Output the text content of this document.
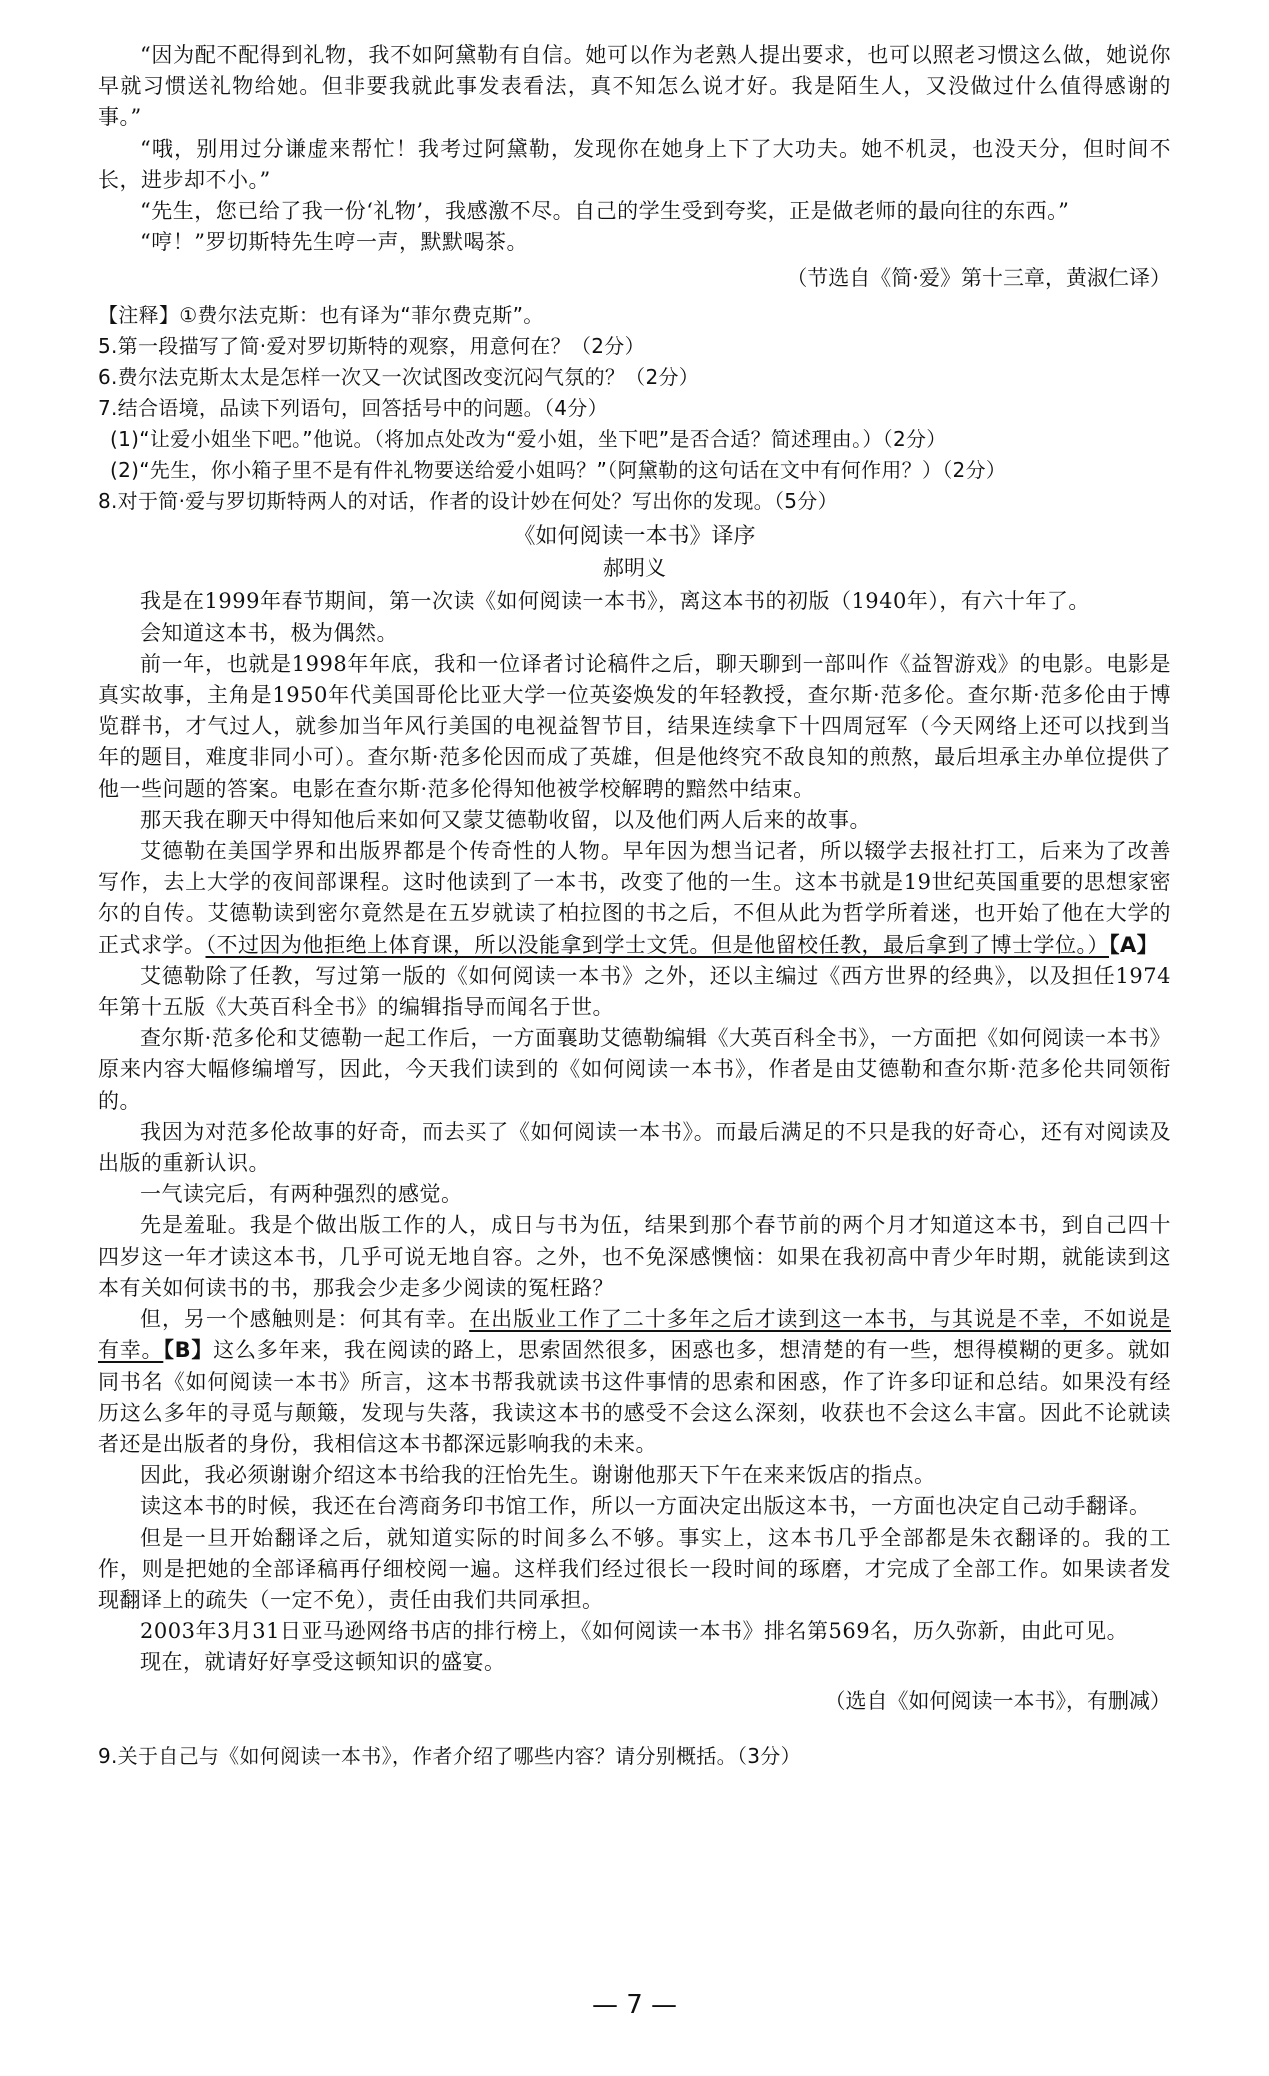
“因为配不配得到礼物，我不如阿黛勒有自信。她可以作为老熟人提出要求，也可以照老习惯这么做，她说你早就习惯送礼物给她。但非要我就此事发表看法，真不知怎么说才好。我是陌生人，又没做过什么值得感谢的事。”

“哦，别用过分谦虚来帮忙！我考过阿黛勒，发现你在她身上下了大功夫。她不机灵，也没天分，但时间不长，进步却不小。”

“先生，您已给了我一份‘礼物’，我感激不尽。自己的学生受到夸奖，正是做老师的最向往的东西。”

“哼！”罗切斯特先生哼一声，默默喝茶。

（节选自《简·爱》第十三章，黄淑仁译）

【注释】①费尔法克斯：也有译为“菲尔费克斯”。

5.第一段描写了简·爱对罗切斯特的观察，用意何在？（2分）

6.费尔法克斯太太是怎样一次又一次试图改变沉闷气氛的？（2分）

7.结合语境，品读下列语句，回答括号中的问题。（4分）

(1)“让爱小姐坐下吧。”他说。（将加点处改为“爱小姐，坐下吧”是否合适？简述理由。）（2分）

(2)“先生，你小箱子里不是有件礼物要送给爱小姐吗？”（阿黛勒的这句话在文中有何作用？）（2分）

8.对于简·爱与罗切斯特两人的对话，作者的设计妙在何处？写出你的发现。（5分）

《如何阅读一本书》译序

郝明义

我是在1999年春节期间，第一次读《如何阅读一本书》，离这本书的初版（1940年），有六十年了。

会知道这本书，极为偶然。

前一年，也就是1998年年底，我和一位译者讨论稿件之后，聊天聊到一部叫作《益智游戏》的电影。电影是真实故事，主角是1950年代美国哥伦比亚大学一位英姿焕发的年轻教授，查尔斯·范多伦。查尔斯·范多伦由于博览群书，才气过人，就参加当年风行美国的电视益智节目，结果连续拿下十四周冠军（今天网络上还可以找到当年的题目，难度非同小可）。查尔斯·范多伦因而成了英雄，但是他终究不敌良知的煎熬，最后坦承主办单位提供了他一些问题的答案。电影在查尔斯·范多伦得知他被学校解聘的黯然中结束。

那天我在聊天中得知他后来如何又蒙艾德勒收留，以及他们两人后来的故事。

艾德勒在美国学界和出版界都是个传奇性的人物。早年因为想当记者，所以辍学去报社打工，后来为了改善写作，去上大学的夜间部课程。这时他读到了一本书，改变了他的一生。这本书就是19世纪英国重要的思想家密尔的自传。艾德勒读到密尔竟然是在五岁就读了柏拉图的书之后，不但从此为哲学所着迷，也开始了他在大学的正式求学。（不过因为他拒绝上体育课，所以没能拿到学士文凭。但是他留校任教，最后拿到了博士学位。）【A】

艾德勒除了任教，写过第一版的《如何阅读一本书》之外，还以主编过《西方世界的经典》，以及担任1974年第十五版《大英百科全书》的编辑指导而闻名于世。

查尔斯·范多伦和艾德勒一起工作后，一方面襄助艾德勒编辑《大英百科全书》，一方面把《如何阅读一本书》原来内容大幅修编增写，因此，今天我们读到的《如何阅读一本书》，作者是由艾德勒和查尔斯·范多伦共同领衔的。

我因为对范多伦故事的好奇，而去买了《如何阅读一本书》。而最后满足的不只是我的好奇心，还有对阅读及出版的重新认识。

一气读完后，有两种强烈的感觉。

先是羞耻。我是个做出版工作的人，成日与书为伍，结果到那个春节前的两个月才知道这本书，到自己四十四岁这一年才读这本书，几乎可说无地自容。之外，也不免深感懊恼：如果在我初高中青少年时期，就能读到这本有关如何读书的书，那我会少走多少阅读的冤枉路？

但，另一个感触则是：何其有幸。在出版业工作了二十多年之后才读到这一本书，与其说是不幸，不如说是有幸。【B】这么多年来，我在阅读的路上，思索固然很多，困惑也多，想清楚的有一些，想得模糊的更多。就如同书名《如何阅读一本书》所言，这本书帮我就读书这件事情的思索和困惑，作了许多印证和总结。如果没有经历这么多年的寻觅与颠簸，发现与失落，我读这本书的感受不会这么深刻，收获也不会这么丰富。因此不论就读者还是出版者的身份，我相信这本书都深远影响我的未来。

因此，我必须谢谢介绍这本书给我的汪怡先生。谢谢他那天下午在来来饭店的指点。

读这本书的时候，我还在台湾商务印书馆工作，所以一方面决定出版这本书，一方面也决定自己动手翻译。

但是一旦开始翻译之后，就知道实际的时间多么不够。事实上，这本书几乎全部都是朱衣翻译的。我的工作，则是把她的全部译稿再仔细校阅一遍。这样我们经过很长一段时间的琢磨，才完成了全部工作。如果读者发现翻译上的疏失（一定不免），责任由我们共同承担。

2003年3月31日亚马逊网络书店的排行榜上，《如何阅读一本书》排名第569名，历久弥新，由此可见。

现在，就请好好享受这顿知识的盛宴。

（选自《如何阅读一本书》，有删减）

9.关于自己与《如何阅读一本书》，作者介绍了哪些内容？请分别概括。（3分）

— 7 —
